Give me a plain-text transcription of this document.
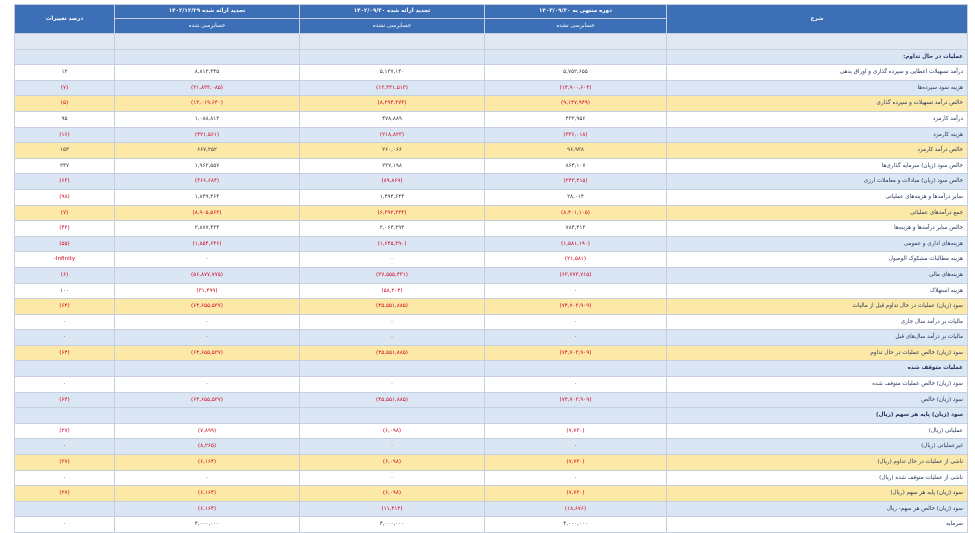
شرح	دوره منتهی به ۱۴۰۳/۰۹/۳۰	تجدید ارائه شده ۱۴۰۲/۰۹/۳۰	تجدید ارائه شده ۱۴۰۲/۱۲/۲۹	درصد تغییرات
	حسابرسی نشده	حسابرسی نشده	حسابرسی شده	

عملیات در حال تداوم:				
درآمد تسهیلات اعطایی و سپرده گذاری و اوراق بدهی	۵,۷۵۲,۶۵۵	۵,۱۳۷,۱۴۰	۸,۸۱۳,۴۴۵	۱۲
هزینه سود سپرده‌ها	(۱۴,۹۰۰,۶۰۴)	(۱۳,۴۳۱,۵۱۳)	(۲۱,۸۳۳,۰۸۵)	(۷)
خالص درآمد تسهیلات و سپرده گذاری	(۹,۱۴۷,۹۴۹)	(۸,۲۹۴,۳۷۳)	(۱۳,۰۱۹,۶۴۰)	(۵)
درآمد کارمزد	۴۳۲,۹۵۶	۴۷۸,۸۸۹	۱,۰۸۸,۸۱۳	۹۵
هزینه کارمزد	(۳۳۶,۰۱۸)	(۲۱۸,۸۲۳)	(۴۲۱,۵۶۱)	(۱۶)
خالص درآمد کارمزد	۹۶,۹۳۸	۲۶۰,۰۶۶	۶۶۷,۲۵۲	۱۵۳
خالص سود (زیان) سرمایه گذاری‌ها	۸۶۴,۱۰۷	۲۳۷,۱۹۸	۱,۹۶۳,۵۵۷	۲۴۷
خالص سود (زیان) مبادلات و معاملات ارزی	(۲۴۳,۲۱۵)	(۸۹,۸۶۹)	(۳۶۶,۶۸۴)	(۶۳)
سایر درآمدها و هزینه‌های عملیاتی	۲۸,۰۱۴	۱,۴۹۴,۶۴۴	۱,۸۴۹,۴۶۴	(۹۸)
جمع درآمدهای عملیاتی	(۸,۴۰۱,۱۰۵)	(۶,۳۹۲,۳۳۴)	(۸,۹۰۵,۵۶۳)	(۷)
خالص سایر درآمدها و هزینه‌ها	۷۸۴,۴۱۳	۲,۰۶۴,۳۹۴	۲,۸۷۷,۴۳۴	(۴۲)
هزینه‌های اداری و عمومی	(۱,۵۸۱,۱۹۰)	(۱,۶۴۵,۳۹۰)	(۱,۸۵۴,۶۴۶)	(۵۵)
هزینه مطالبات مشکوک الوصول	(۲۱,۵۸۱)	۰	۰	Infinity-
هزینه‌های مالی	(۶۳,۷۷۳,۷۱۵)	(۳۷,۵۵۵,۴۳۱)	(۵۶,۸۷۷,۷۷۵)	(۶)
هزینه استهلاک	۰	(۵۸,۳۰۴)	(۳۱,۴۹۹)	۱۰۰
سود (زیان) عملیات در حال تداوم قبل از مالیات	(۷۴,۷۰۳,۹۰۹)	(۴۵,۵۵۱,۸۸۵)	(۶۴,۶۵۵,۵۳۷)	(۶۴)
مالیات بر درآمد سال جاری	۰	۰	۰	۰
مالیات بر درآمد سال‌های قبل	۰	۰	۰	۰
سود (زیان) خالص عملیات در حال تداوم	(۷۴,۷۰۳,۹۰۹)	(۴۵,۵۵۱,۸۸۵)	(۶۴,۶۵۵,۵۳۷)	(۶۴)
عملیات متوقف شده				
سود (زیان) خالص عملیات متوقف شده	۰	۰	۰	۰
سود (زیان) خالص	(۷۴,۷۰۳,۹۰۹)	(۴۵,۵۵۱,۸۸۵)	(۶۴,۶۵۵,۵۳۷)	(۶۴)
سود (زیان) پایه هر سهم (ریال)				
عملیاتی (ریال)	(۷,۷۳۰)	(۶,۰۹۸)	(۷,۸۹۹)	(۲۷)
غیرعملیاتی (ریال)	۰	۰	(۸,۲۶۵)	۰
ناشی از عملیات در حال تداوم (ریال)	(۷,۷۳۰)	(۶,۰۹۸)	(۶,۱۶۴)	(۲۷)
ناشی از عملیات متوقف شده (ریال)	۰	۰	۰	۰
سود (زیان) پایه هر سهم (ریال)	(۷,۷۳۰)	(۶,۰۹۸)	(۶,۱۶۴)	(۲۷)
سود (زیان) خالص هر سهم- ریال	(۱۸,۶۷۶)	(۱۱,۴۱۳)	(۶,۱۶۴)	
سرمایه	۴,۰۰۰,۰۰۰	۴,۰۰۰,۰۰۰	۴,۰۰۰,۰۰۰	۰
